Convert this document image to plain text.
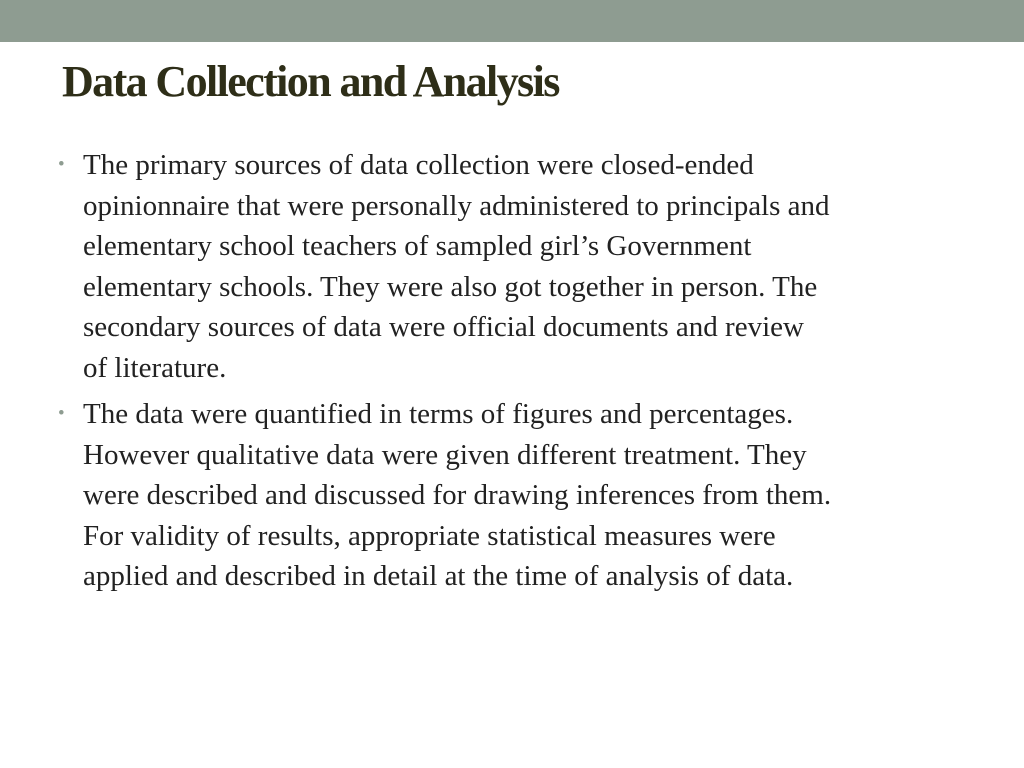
Data Collection and Analysis
• The primary sources of data collection were closed-ended
opinionnaire that were personally administered to principals and
elementary school teachers of sampled girl’s Government
elementary schools. They were also got together in person. The
secondary sources of data were official documents and review
of literature.
• The data were quantified in terms of figures and percentages.
However qualitative data were given different treatment. They
were described and discussed for drawing inferences from them.
For validity of results, appropriate statistical measures were
applied and described in detail at the time of analysis of data.
